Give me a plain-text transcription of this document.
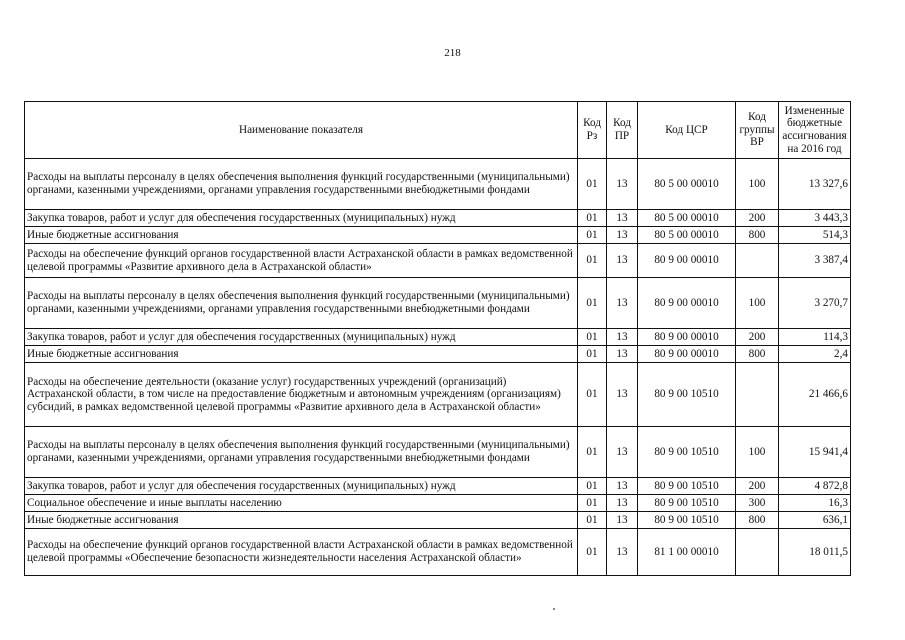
218
Наименование показателя	Код Рз	Код ПР	Код ЦСР	Код группы ВР	Измененные бюджетные ассигнования на 2016 год
Расходы на выплаты персоналу в целях обеспечения выполнения функций государственными (муниципальными) органами, казенными учреждениями, органами управления государственными внебюджетными фондами	01	13	80 5 00 00010	100	13 327,6
Закупка товаров, работ и услуг для обеспечения государственных (муниципальных) нужд	01	13	80 5 00 00010	200	3 443,3
Иные бюджетные ассигнования	01	13	80 5 00 00010	800	514,3
Расходы на обеспечение функций органов государственной власти Астраханской области в рамках ведомственной целевой программы «Развитие архивного дела в Астраханской области»	01	13	80 9 00 00010		3 387,4
Расходы на выплаты персоналу в целях обеспечения выполнения функций государственными (муниципальными) органами, казенными учреждениями, органами управления государственными внебюджетными фондами	01	13	80 9 00 00010	100	3 270,7
Закупка товаров, работ и услуг для обеспечения государственных (муниципальных) нужд	01	13	80 9 00 00010	200	114,3
Иные бюджетные ассигнования	01	13	80 9 00 00010	800	2,4
Расходы на обеспечение деятельности (оказание услуг) государственных учреждений (организаций) Астраханской области, в том числе на предоставление бюджетным и автономным учреждениям (организациям) субсидий, в рамках ведомственной целевой программы «Развитие архивного дела в Астраханской области»	01	13	80 9 00 10510		21 466,6
Расходы на выплаты персоналу в целях обеспечения выполнения функций государственными (муниципальными) органами, казенными учреждениями, органами управления государственными внебюджетными фондами	01	13	80 9 00 10510	100	15 941,4
Закупка товаров, работ и услуг для обеспечения государственных (муниципальных) нужд	01	13	80 9 00 10510	200	4 872,8
Социальное обеспечение и иные выплаты населению	01	13	80 9 00 10510	300	16,3
Иные бюджетные ассигнования	01	13	80 9 00 10510	800	636,1
Расходы на обеспечение функций органов государственной власти Астраханской области в рамках ведомственной целевой программы «Обеспечение безопасности жизнедеятельности населения Астраханской области»	01	13	81 1 00 00010		18 011,5
